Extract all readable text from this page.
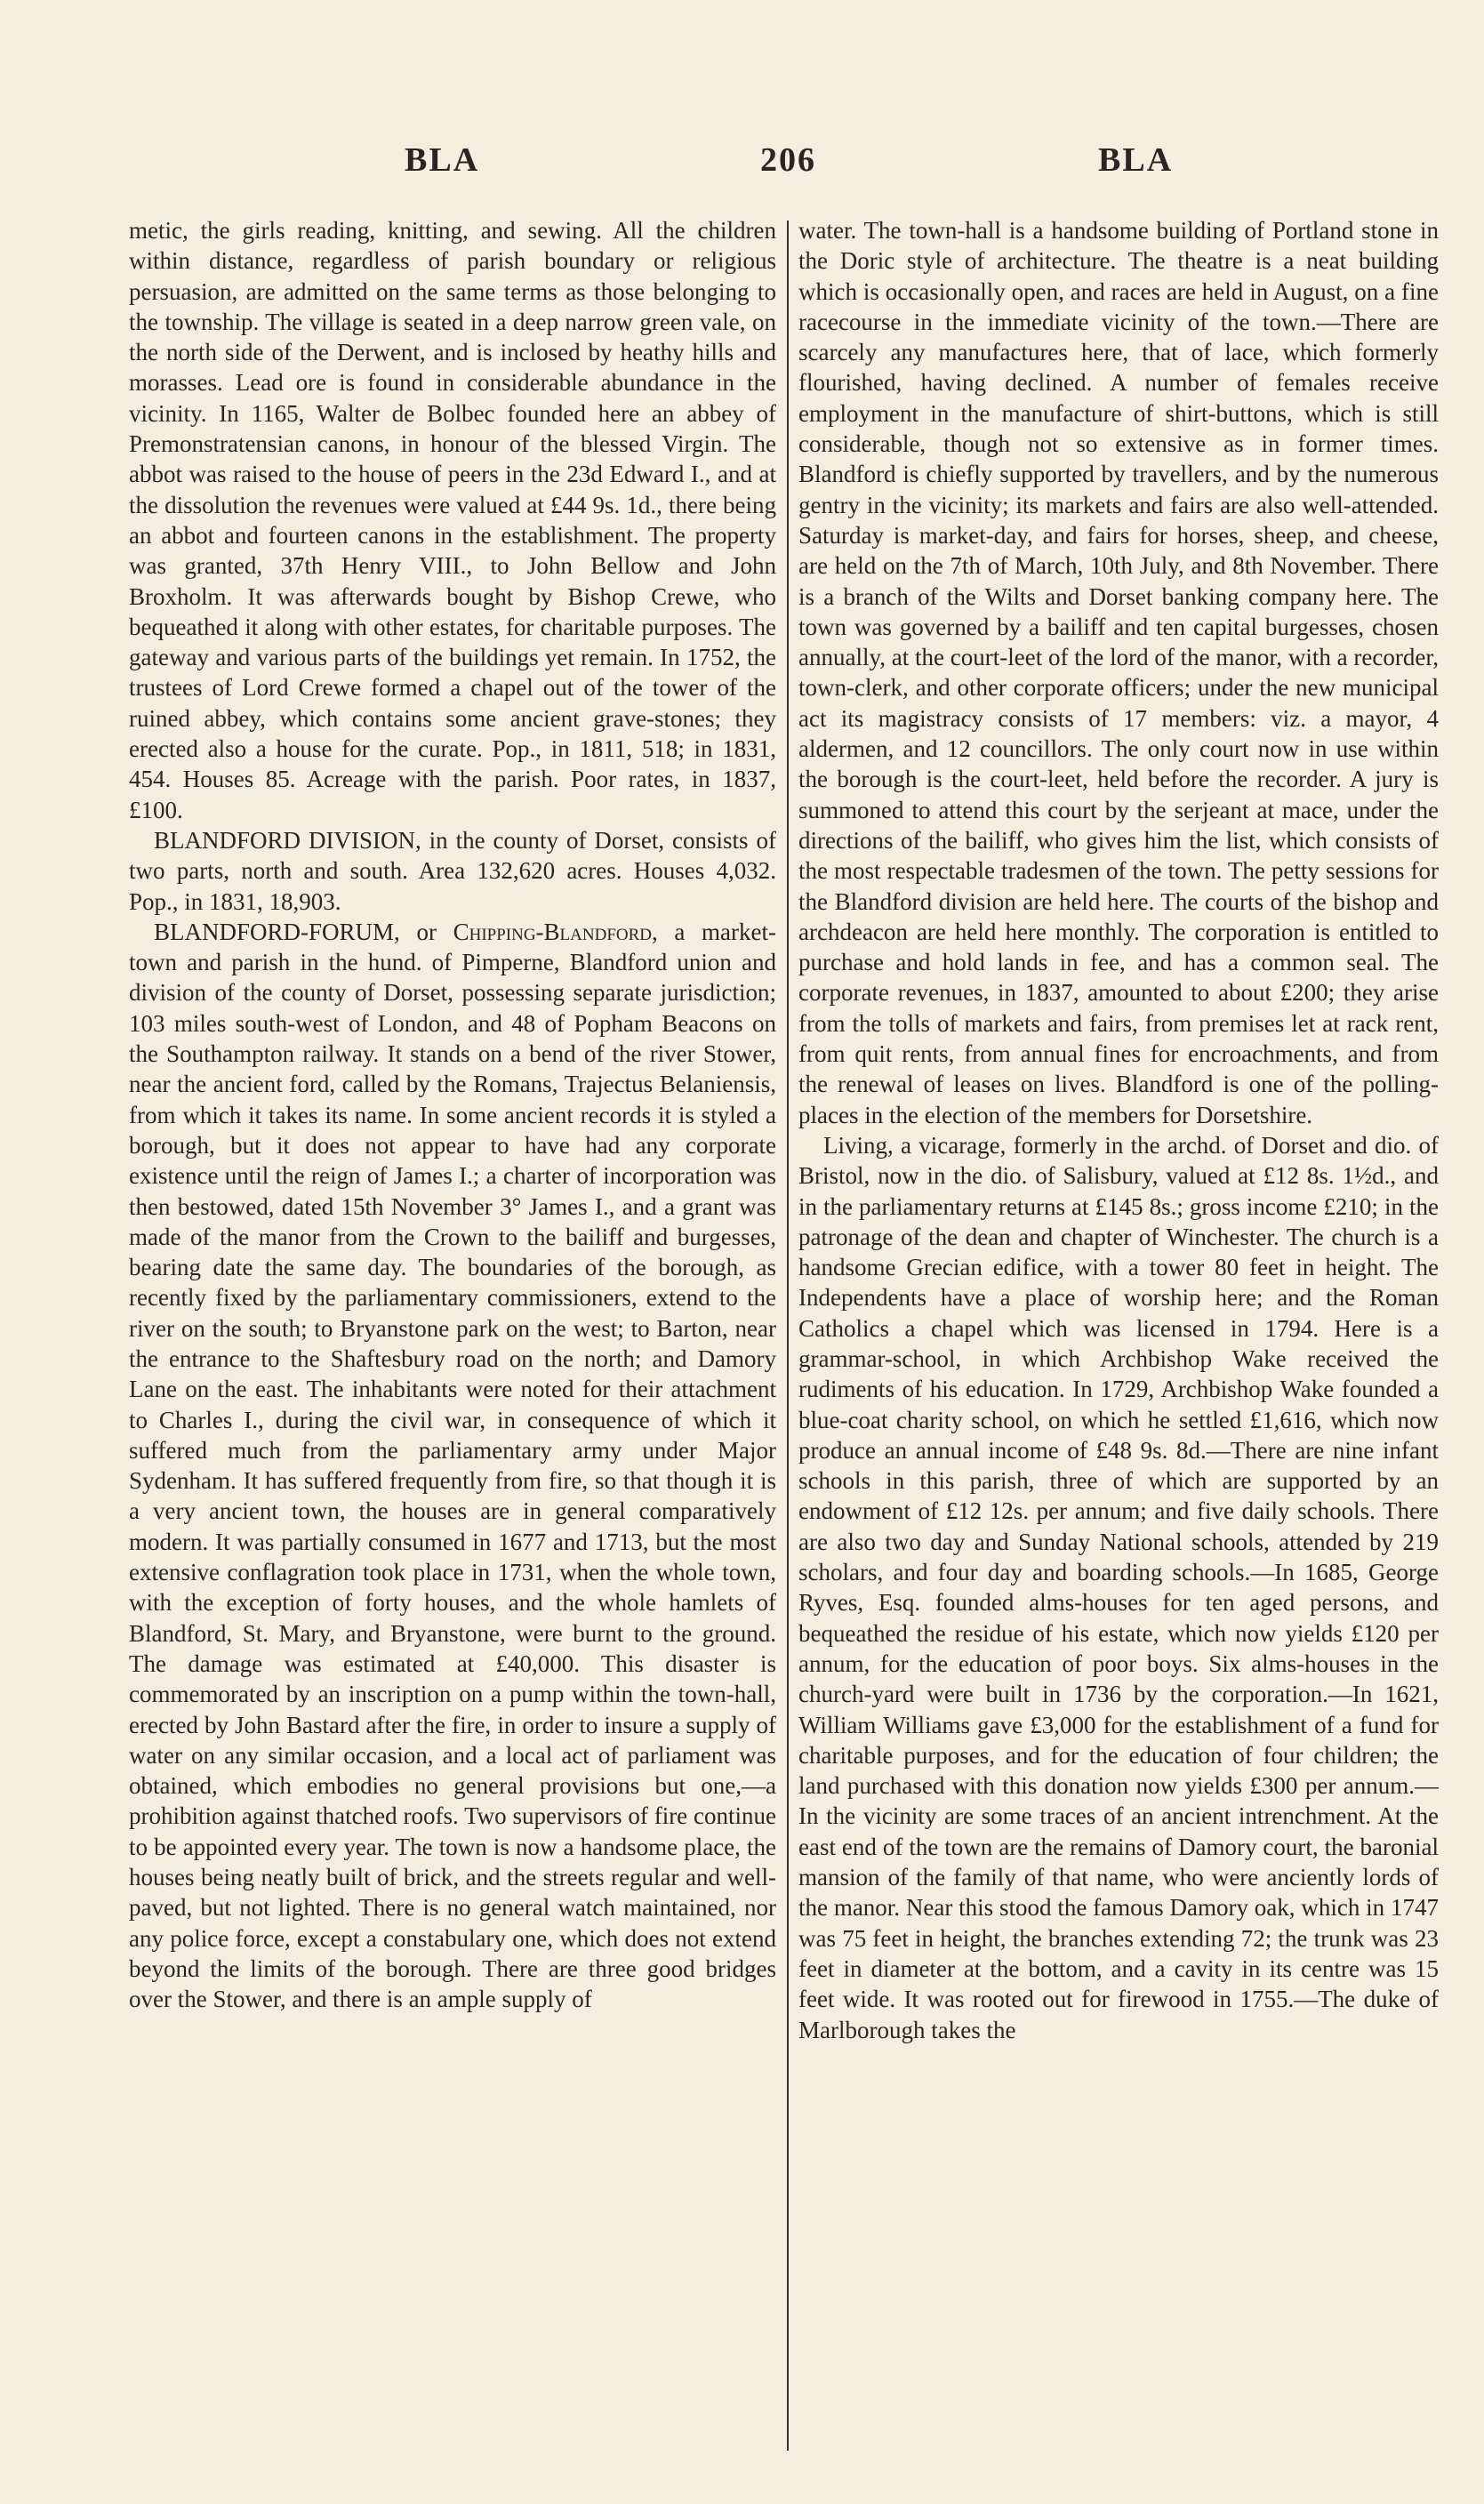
BLA	206	BLA

metic, the girls reading, knitting, and sewing. All the children within distance, regardless of parish boundary or religious persuasion, are admitted on the same terms as those belonging to the township. The village is seated in a deep narrow green vale, on the north side of the Derwent, and is inclosed by heathy hills and morasses. Lead ore is found in considerable abundance in the vicinity. In 1165, Walter de Bolbec founded here an abbey of Premonstratensian canons, in honour of the blessed Virgin. The abbot was raised to the house of peers in the 23d Edward I., and at the dissolution the revenues were valued at £44 9s. 1d., there being an abbot and fourteen canons in the establishment. The property was granted, 37th Henry VIII., to John Bellow and John Broxholm. It was afterwards bought by Bishop Crewe, who bequeathed it along with other estates, for charitable purposes. The gateway and various parts of the buildings yet remain. In 1752, the trustees of Lord Crewe formed a chapel out of the tower of the ruined abbey, which contains some ancient grave-stones; they erected also a house for the curate. Pop., in 1811, 518; in 1831, 454. Houses 85. Acreage with the parish. Poor rates, in 1837, £100.

BLANDFORD DIVISION, in the county of Dorset, consists of two parts, north and south. Area 132,620 acres. Houses 4,032. Pop., in 1831, 18,903.

BLANDFORD-FORUM, or Chipping-Blandford, a market-town and parish in the hund. of Pimperne, Blandford union and division of the county of Dorset, possessing separate jurisdiction; 103 miles south-west of London, and 48 of Popham Beacons on the Southampton railway. It stands on a bend of the river Stower, near the ancient ford, called by the Romans, Trajectus Belaniensis, from which it takes its name. In some ancient records it is styled a borough, but it does not appear to have had any corporate existence until the reign of James I.; a charter of incorporation was then bestowed, dated 15th November 3° James I., and a grant was made of the manor from the Crown to the bailiff and burgesses, bearing date the same day. The boundaries of the borough, as recently fixed by the parliamentary commissioners, extend to the river on the south; to Bryanstone park on the west; to Barton, near the entrance to the Shaftesbury road on the north; and Damory Lane on the east. The inhabitants were noted for their attachment to Charles I., during the civil war, in consequence of which it suffered much from the parliamentary army under Major Sydenham. It has suffered frequently from fire, so that though it is a very ancient town, the houses are in general comparatively modern. It was partially consumed in 1677 and 1713, but the most extensive conflagration took place in 1731, when the whole town, with the exception of forty houses, and the whole hamlets of Blandford, St. Mary, and Bryanstone, were burnt to the ground. The damage was estimated at £40,000. This disaster is commemorated by an inscription on a pump within the town-hall, erected by John Bastard after the fire, in order to insure a supply of water on any similar occasion, and a local act of parliament was obtained, which embodies no general provisions but one,—a prohibition against thatched roofs. Two supervisors of fire continue to be appointed every year. The town is now a handsome place, the houses being neatly built of brick, and the streets regular and well-paved, but not lighted. There is no general watch maintained, nor any police force, except a constabulary one, which does not extend beyond the limits of the borough. There are three good bridges over the Stower, and there is an ample supply of

water. The town-hall is a handsome building of Portland stone in the Doric style of architecture. The theatre is a neat building which is occasionally open, and races are held in August, on a fine racecourse in the immediate vicinity of the town.—There are scarcely any manufactures here, that of lace, which formerly flourished, having declined. A number of females receive employment in the manufacture of shirt-buttons, which is still considerable, though not so extensive as in former times. Blandford is chiefly supported by travellers, and by the numerous gentry in the vicinity; its markets and fairs are also well-attended. Saturday is market-day, and fairs for horses, sheep, and cheese, are held on the 7th of March, 10th July, and 8th November. There is a branch of the Wilts and Dorset banking company here. The town was governed by a bailiff and ten capital burgesses, chosen annually, at the court-leet of the lord of the manor, with a recorder, town-clerk, and other corporate officers; under the new municipal act its magistracy consists of 17 members: viz. a mayor, 4 aldermen, and 12 councillors. The only court now in use within the borough is the court-leet, held before the recorder. A jury is summoned to attend this court by the serjeant at mace, under the directions of the bailiff, who gives him the list, which consists of the most respectable tradesmen of the town. The petty sessions for the Blandford division are held here. The courts of the bishop and archdeacon are held here monthly. The corporation is entitled to purchase and hold lands in fee, and has a common seal. The corporate revenues, in 1837, amounted to about £200; they arise from the tolls of markets and fairs, from premises let at rack rent, from quit rents, from annual fines for encroachments, and from the renewal of leases on lives. Blandford is one of the polling-places in the election of the members for Dorsetshire.

Living, a vicarage, formerly in the archd. of Dorset and dio. of Bristol, now in the dio. of Salisbury, valued at £12 8s. 1½d., and in the parliamentary returns at £145 8s.; gross income £210; in the patronage of the dean and chapter of Winchester. The church is a handsome Grecian edifice, with a tower 80 feet in height. The Independents have a place of worship here; and the Roman Catholics a chapel which was licensed in 1794. Here is a grammar-school, in which Archbishop Wake received the rudiments of his education. In 1729, Archbishop Wake founded a blue-coat charity school, on which he settled £1,616, which now produce an annual income of £48 9s. 8d.—There are nine infant schools in this parish, three of which are supported by an endowment of £12 12s. per annum; and five daily schools. There are also two day and Sunday National schools, attended by 219 scholars, and four day and boarding schools.—In 1685, George Ryves, Esq. founded alms-houses for ten aged persons, and bequeathed the residue of his estate, which now yields £120 per annum, for the education of poor boys. Six alms-houses in the church-yard were built in 1736 by the corporation.—In 1621, William Williams gave £3,000 for the establishment of a fund for charitable purposes, and for the education of four children; the land purchased with this donation now yields £300 per annum.—In the vicinity are some traces of an ancient intrenchment. At the east end of the town are the remains of Damory court, the baronial mansion of the family of that name, who were anciently lords of the manor. Near this stood the famous Damory oak, which in 1747 was 75 feet in height, the branches extending 72; the trunk was 23 feet in diameter at the bottom, and a cavity in its centre was 15 feet wide. It was rooted out for firewood in 1755.—The duke of Marlborough takes the
